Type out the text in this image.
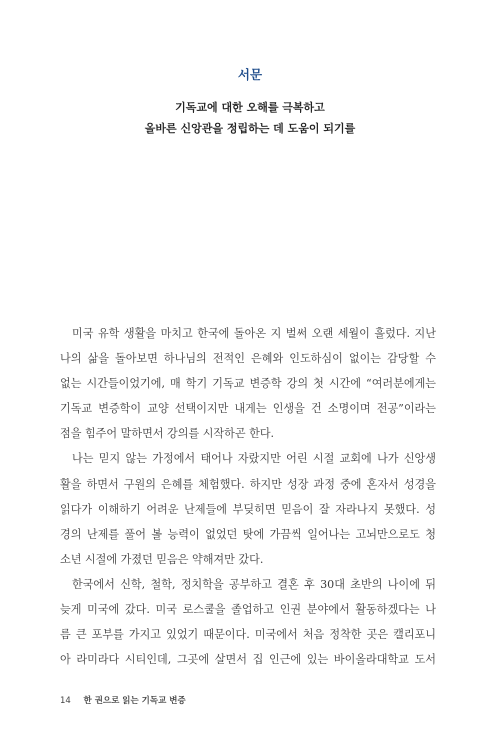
서문
기독교에 대한 오해를 극복하고
올바른 신앙관을 정립하는 데 도움이 되기를
미국 유학 생활을 마치고 한국에 돌아온 지 벌써 오랜 세월이 흘렀다. 지난
나의 삶을 돌아보면 하나님의 전적인 은혜와 인도하심이 없이는 감당할 수
없는 시간들이었기에, 매 학기 기독교 변증학 강의 첫 시간에 “여러분에게는
기독교 변증학이 교양 선택이지만 내게는 인생을 건 소명이며 전공”이라는
점을 힘주어 말하면서 강의를 시작하곤 한다.
나는 믿지 않는 가정에서 태어나 자랐지만 어린 시절 교회에 나가 신앙생
활을 하면서 구원의 은혜를 체험했다. 하지만 성장 과정 중에 혼자서 성경을
읽다가 이해하기 어려운 난제들에 부딪히면 믿음이 잘 자라나지 못했다. 성
경의 난제를 풀어 볼 능력이 없었던 탓에 가끔씩 일어나는 고뇌만으로도 청
소년 시절에 가졌던 믿음은 약해져만 갔다.
한국에서 신학, 철학, 정치학을 공부하고 결혼 후 30대 초반의 나이에 뒤
늦게 미국에 갔다. 미국 로스쿨을 졸업하고 인권 분야에서 활동하겠다는 나
름 큰 포부를 가지고 있었기 때문이다. 미국에서 처음 정착한 곳은 캘리포니
아 라미라다 시티인데, 그곳에 살면서 집 인근에 있는 바이올라대학교 도서
14 한 권으로 읽는 기독교 변증
